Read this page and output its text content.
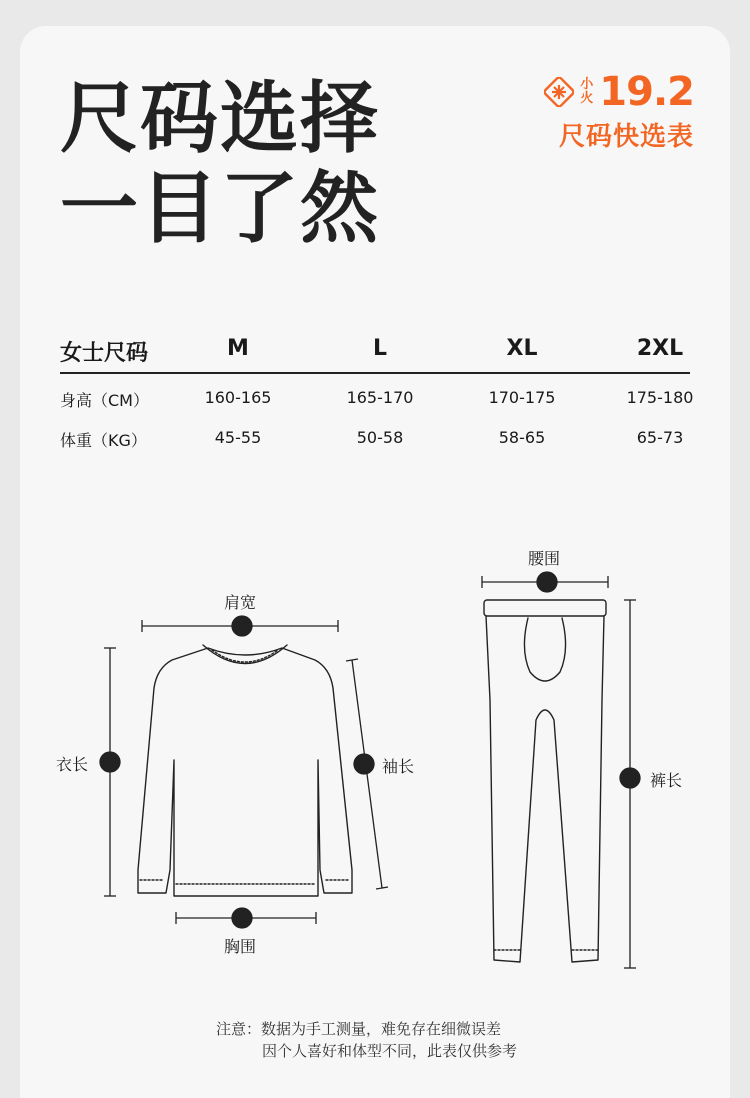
尺码选择
一目了然
小
火 19.2
尺码快选表
女士尺码	M	L	XL	2XL
身高（CM）	160-165	165-170	170-175	175-180
体重（KG）	45-55	50-58	58-65	65-73
肩宽
衣长	袖长
胸围
腰围
裤长
注意：数据为手工测量，难免存在细微误差
因个人喜好和体型不同，此表仅供参考
